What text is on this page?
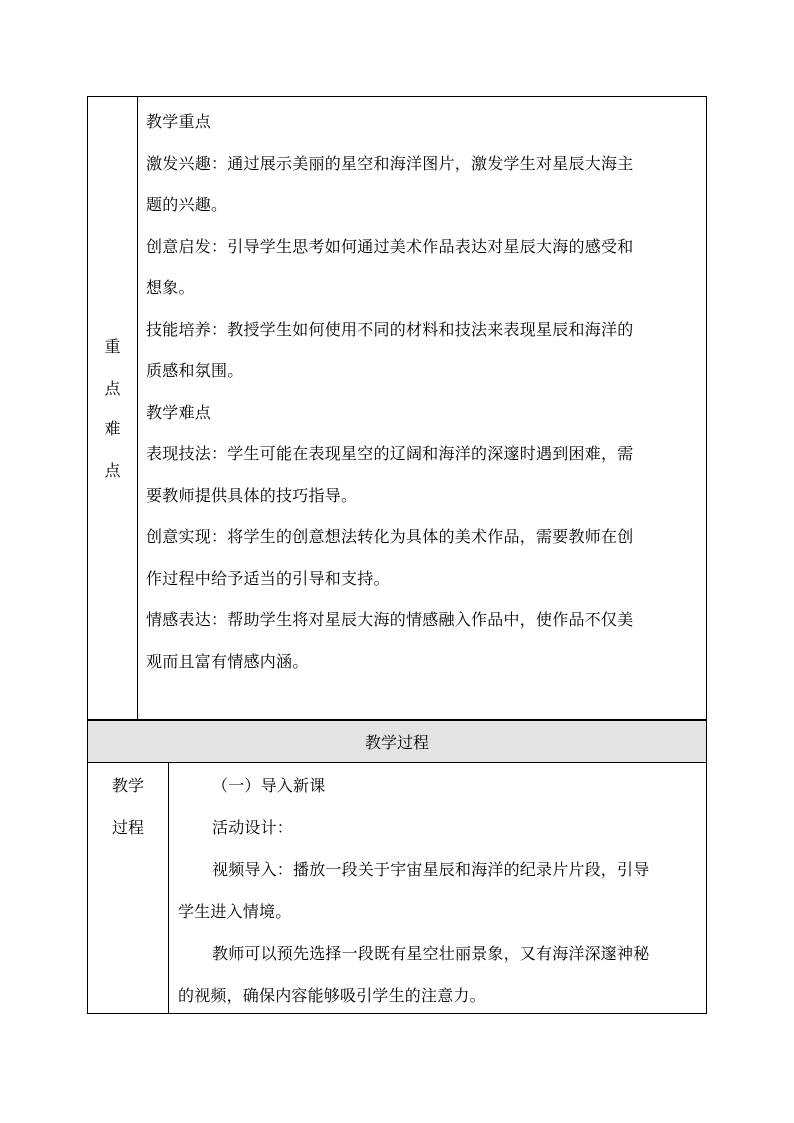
重
点
难
点

教学重点

激发兴趣：通过展示美丽的星空和海洋图片，激发学生对星辰大海主

题的兴趣。

创意启发：引导学生思考如何通过美术作品表达对星辰大海的感受和

想象。

技能培养：教授学生如何使用不同的材料和技法来表现星辰和海洋的

质感和氛围。

教学难点

表现技法：学生可能在表现星空的辽阔和海洋的深邃时遇到困难，需

要教师提供具体的技巧指导。

创意实现：将学生的创意想法转化为具体的美术作品，需要教师在创

作过程中给予适当的引导和支持。

情感表达：帮助学生将对星辰大海的情感融入作品中，使作品不仅美

观而且富有情感内涵。

教学过程
教学
过程

（一）导入新课

活动设计：

视频导入：播放一段关于宇宙星辰和海洋的纪录片片段，引导

学生进入情境。

教师可以预先选择一段既有星空壮丽景象，又有海洋深邃神秘

的视频，确保内容能够吸引学生的注意力。
